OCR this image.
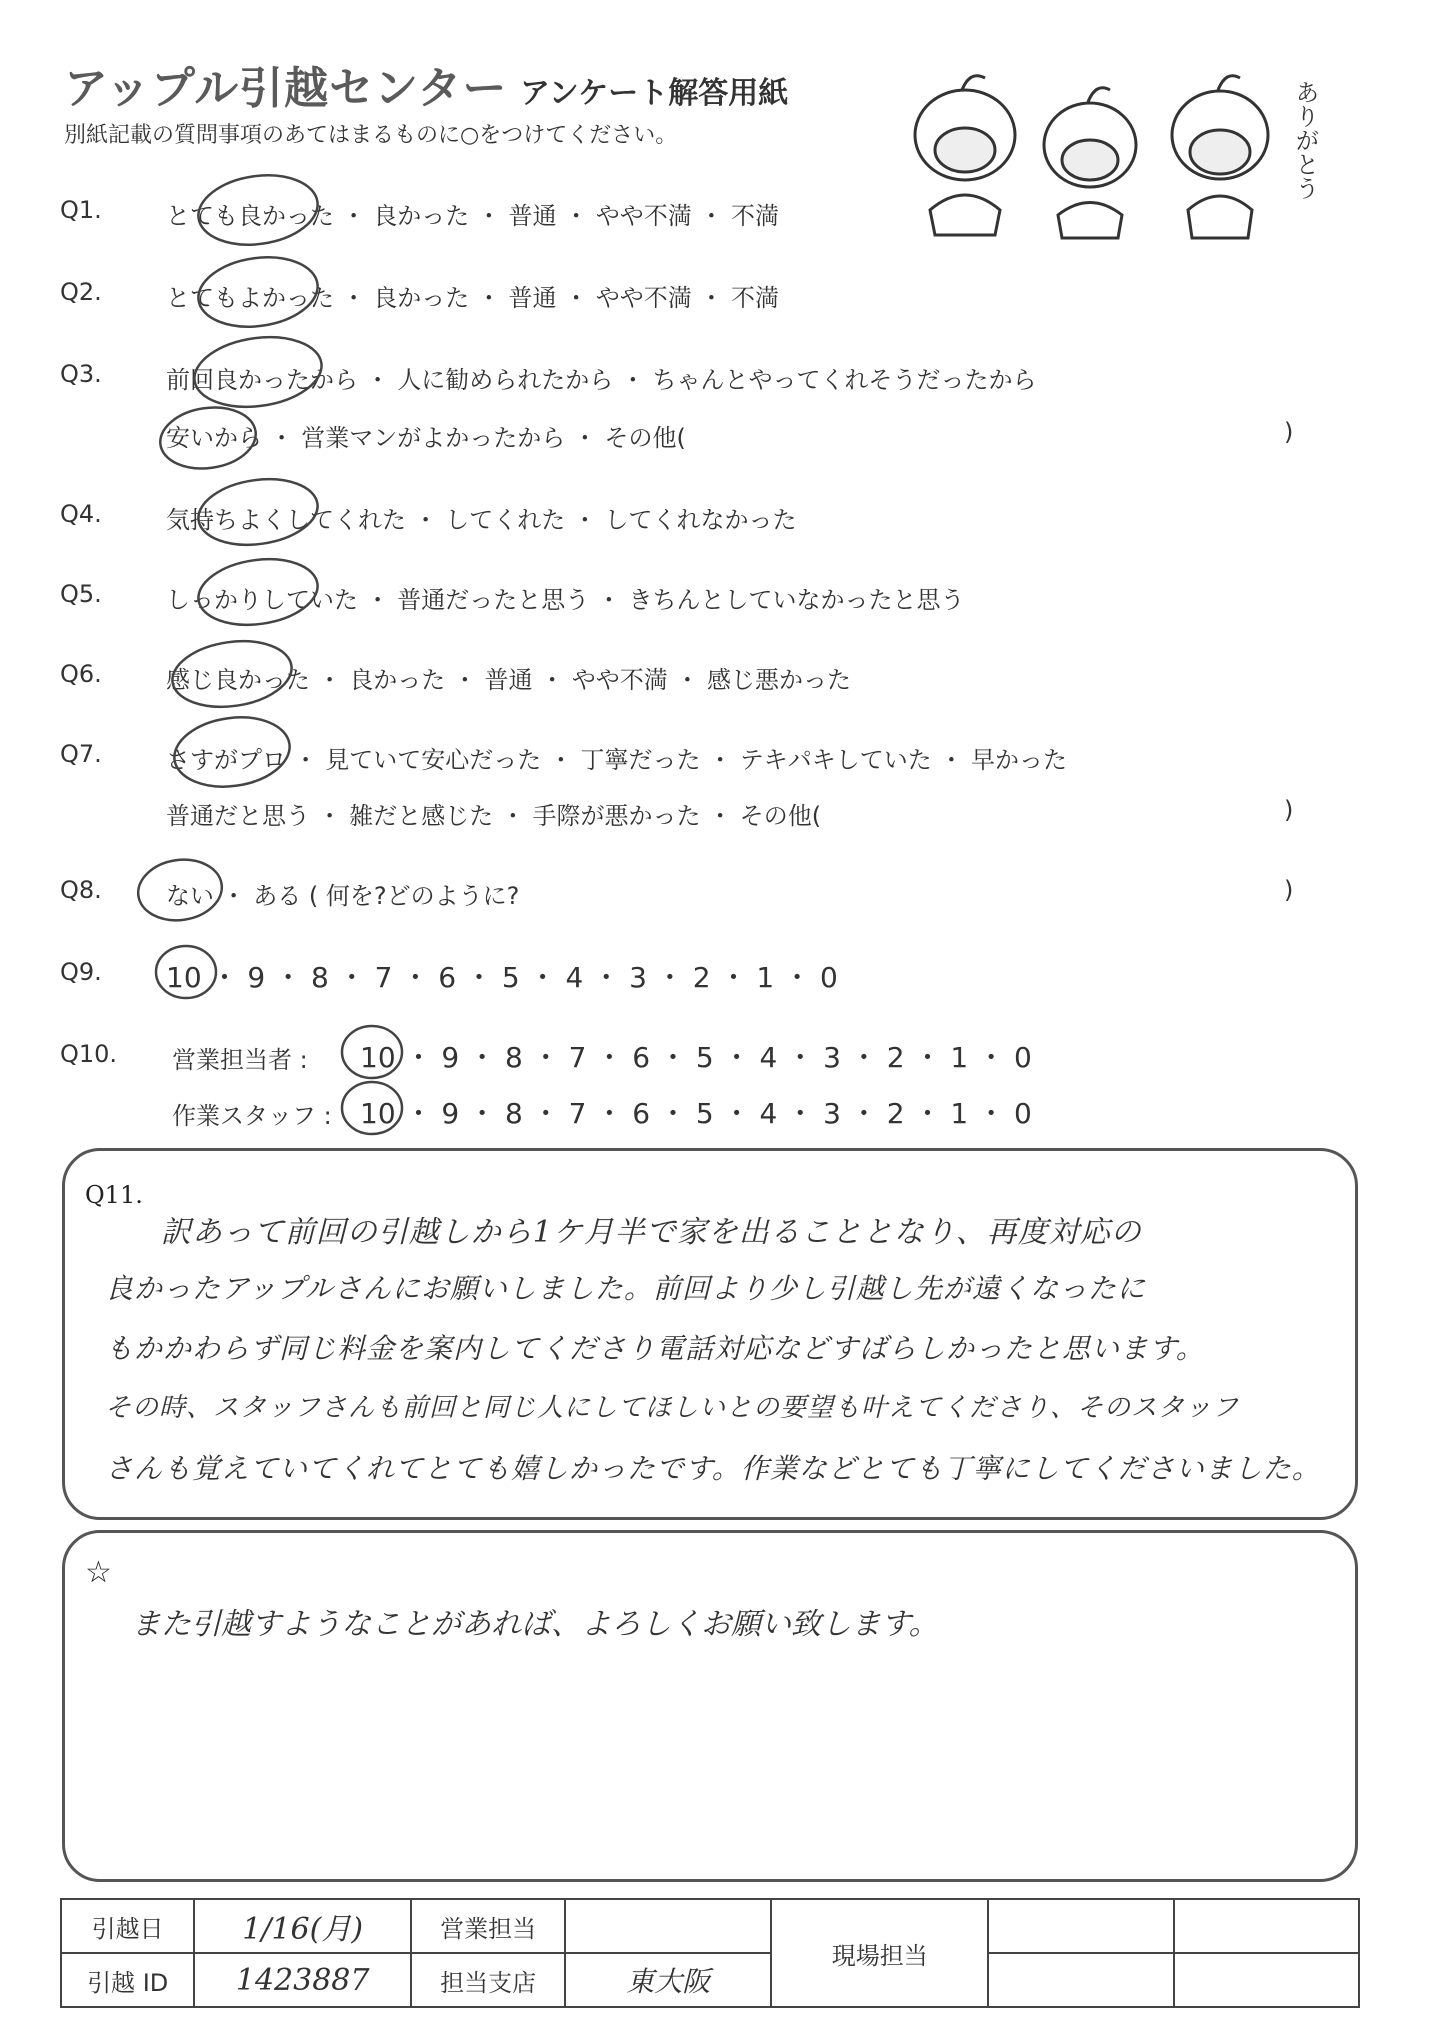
アップル引越センター アンケート解答用紙
別紙記載の質問事項のあてはまるものに○をつけてください。	ありがとう
Q1.	とても良かった ・ 良かった ・ 普通 ・ やや不満 ・ 不満
Q2.	とてもよかった ・ 良かった ・ 普通 ・ やや不満 ・ 不満
Q3.	前回良かったから ・ 人に勧められたから ・ ちゃんとやってくれそうだったから
安いから ・ 営業マンがよかったから ・ その他(	)
Q4.	気持ちよくしてくれた ・ してくれた ・ してくれなかった
Q5.	しっかりしていた ・ 普通だったと思う ・ きちんとしていなかったと思う
Q6.	感じ良かった ・ 良かった ・ 普通 ・ やや不満 ・ 感じ悪かった
Q7.	さすがプロ ・ 見ていて安心だった ・ 丁寧だった ・ テキパキしていた ・ 早かった
普通だと思う ・ 雑だと感じた ・ 手際が悪かった ・ その他(	)
Q8.	ない ・ ある ( 何を?どのように?	)
Q9. 10 ・ 9 ・ 8 ・ 7 ・ 6 ・ 5 ・ 4 ・ 3 ・ 2 ・ 1 ・ 0
Q10. 営業担当者 : 10 ・ 9 ・ 8 ・ 7 ・ 6 ・ 5 ・ 4 ・ 3 ・ 2 ・ 1 ・ 0
作業スタッフ : 10 ・ 9 ・ 8 ・ 7 ・ 6 ・ 5 ・ 4 ・ 3 ・ 2 ・ 1 ・ 0
Q11.
訳あって前回の引越しから1ケ月半で家を出ることとなり、再度対応の
良かったアップルさんにお願いしました。前回より少し引越し先が遠くなったに
もかかわらず同じ料金を案内してくださり電話対応などすばらしかったと思います。
その時、スタッフさんも前回と同じ人にしてほしいとの要望も叶えてくださり、そのスタッフ
さんも覚えていてくれてとても嬉しかったです。作業などとても丁寧にしてくださいました。
☆
また引越すようなことがあれば、よろしくお願い致します。
引越日	1/16(月)	営業担当		現場担当		
引越 ID	1423887	担当支店	東大阪			
